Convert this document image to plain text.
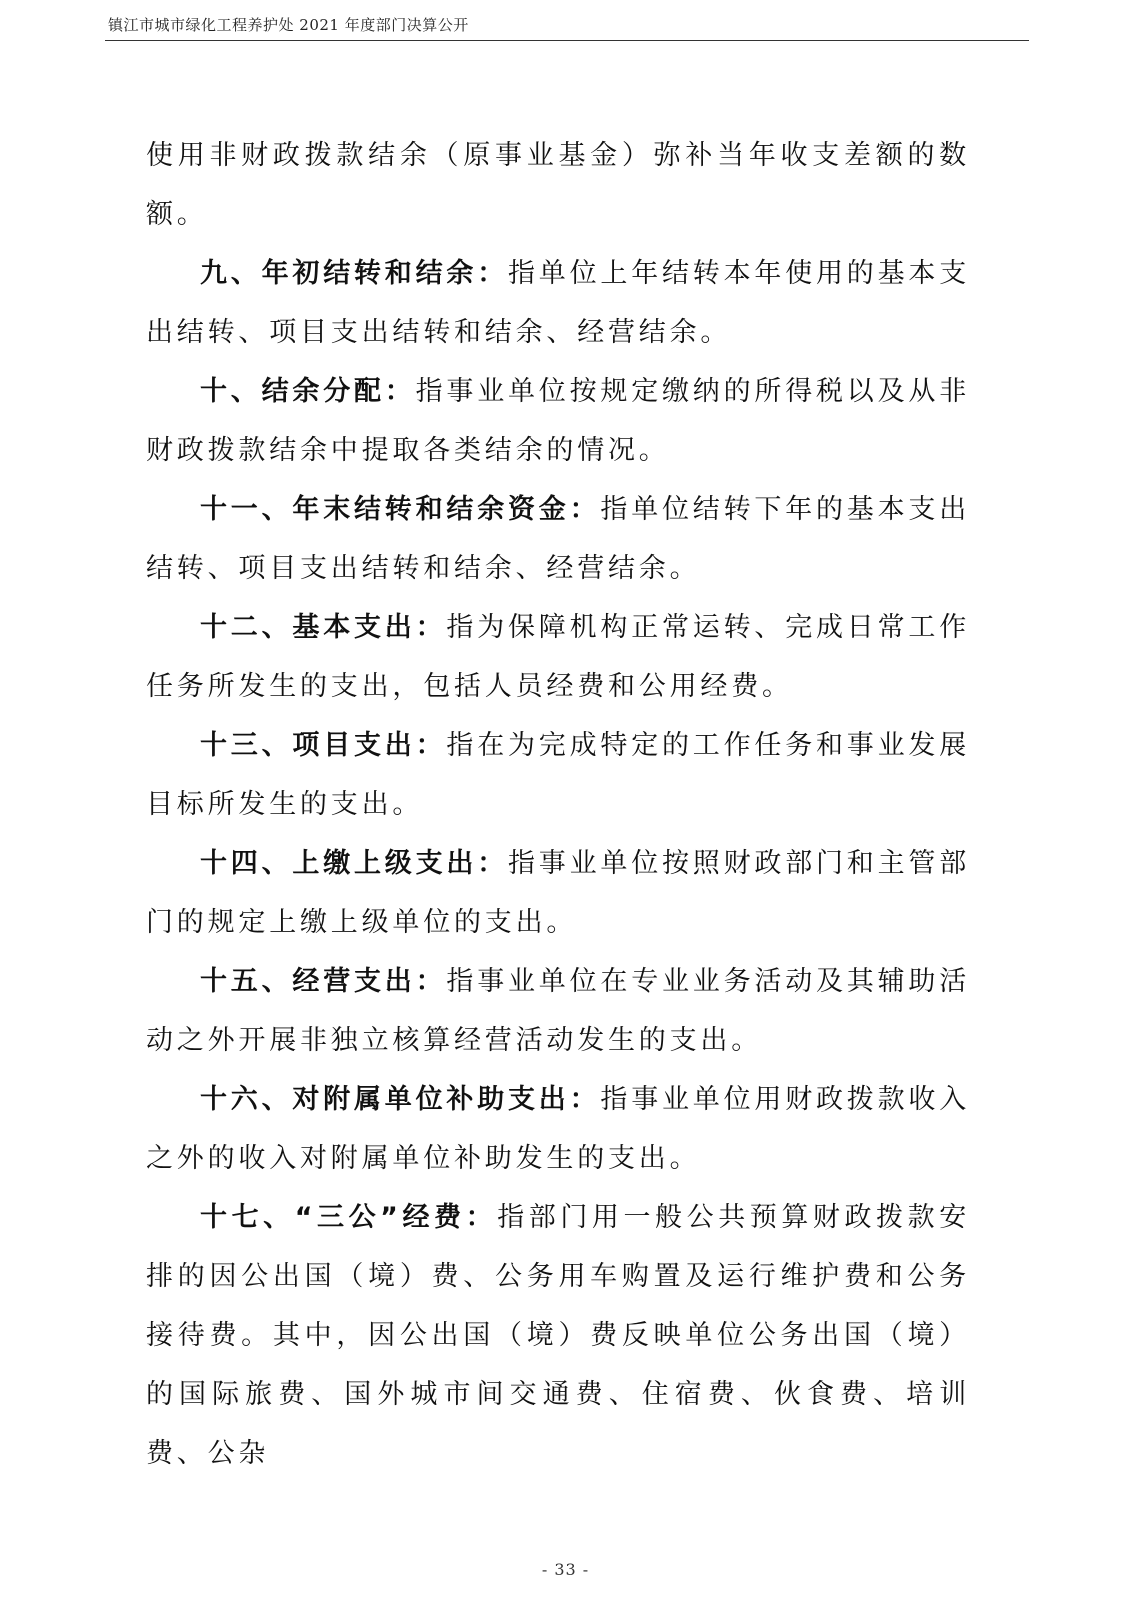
镇江市城市绿化工程养护处 2021 年度部门决算公开

使用非财政拨款结余（原事业基金）弥补当年收支差额的数额。

九、年初结转和结余：指单位上年结转本年使用的基本支出结转、项目支出结转和结余、经营结余。

十、结余分配：指事业单位按规定缴纳的所得税以及从非财政拨款结余中提取各类结余的情况。

十一、年末结转和结余资金：指单位结转下年的基本支出结转、项目支出结转和结余、经营结余。

十二、基本支出：指为保障机构正常运转、完成日常工作任务所发生的支出，包括人员经费和公用经费。

十三、项目支出：指在为完成特定的工作任务和事业发展目标所发生的支出。

十四、上缴上级支出：指事业单位按照财政部门和主管部门的规定上缴上级单位的支出。

十五、经营支出：指事业单位在专业业务活动及其辅助活动之外开展非独立核算经营活动发生的支出。

十六、对附属单位补助支出：指事业单位用财政拨款收入之外的收入对附属单位补助发生的支出。

十七、“三公”经费：指部门用一般公共预算财政拨款安排的因公出国（境）费、公务用车购置及运行维护费和公务接待费。其中，因公出国（境）费反映单位公务出国（境）的国际旅费、国外城市间交通费、住宿费、伙食费、培训费、公杂

- 33 -
